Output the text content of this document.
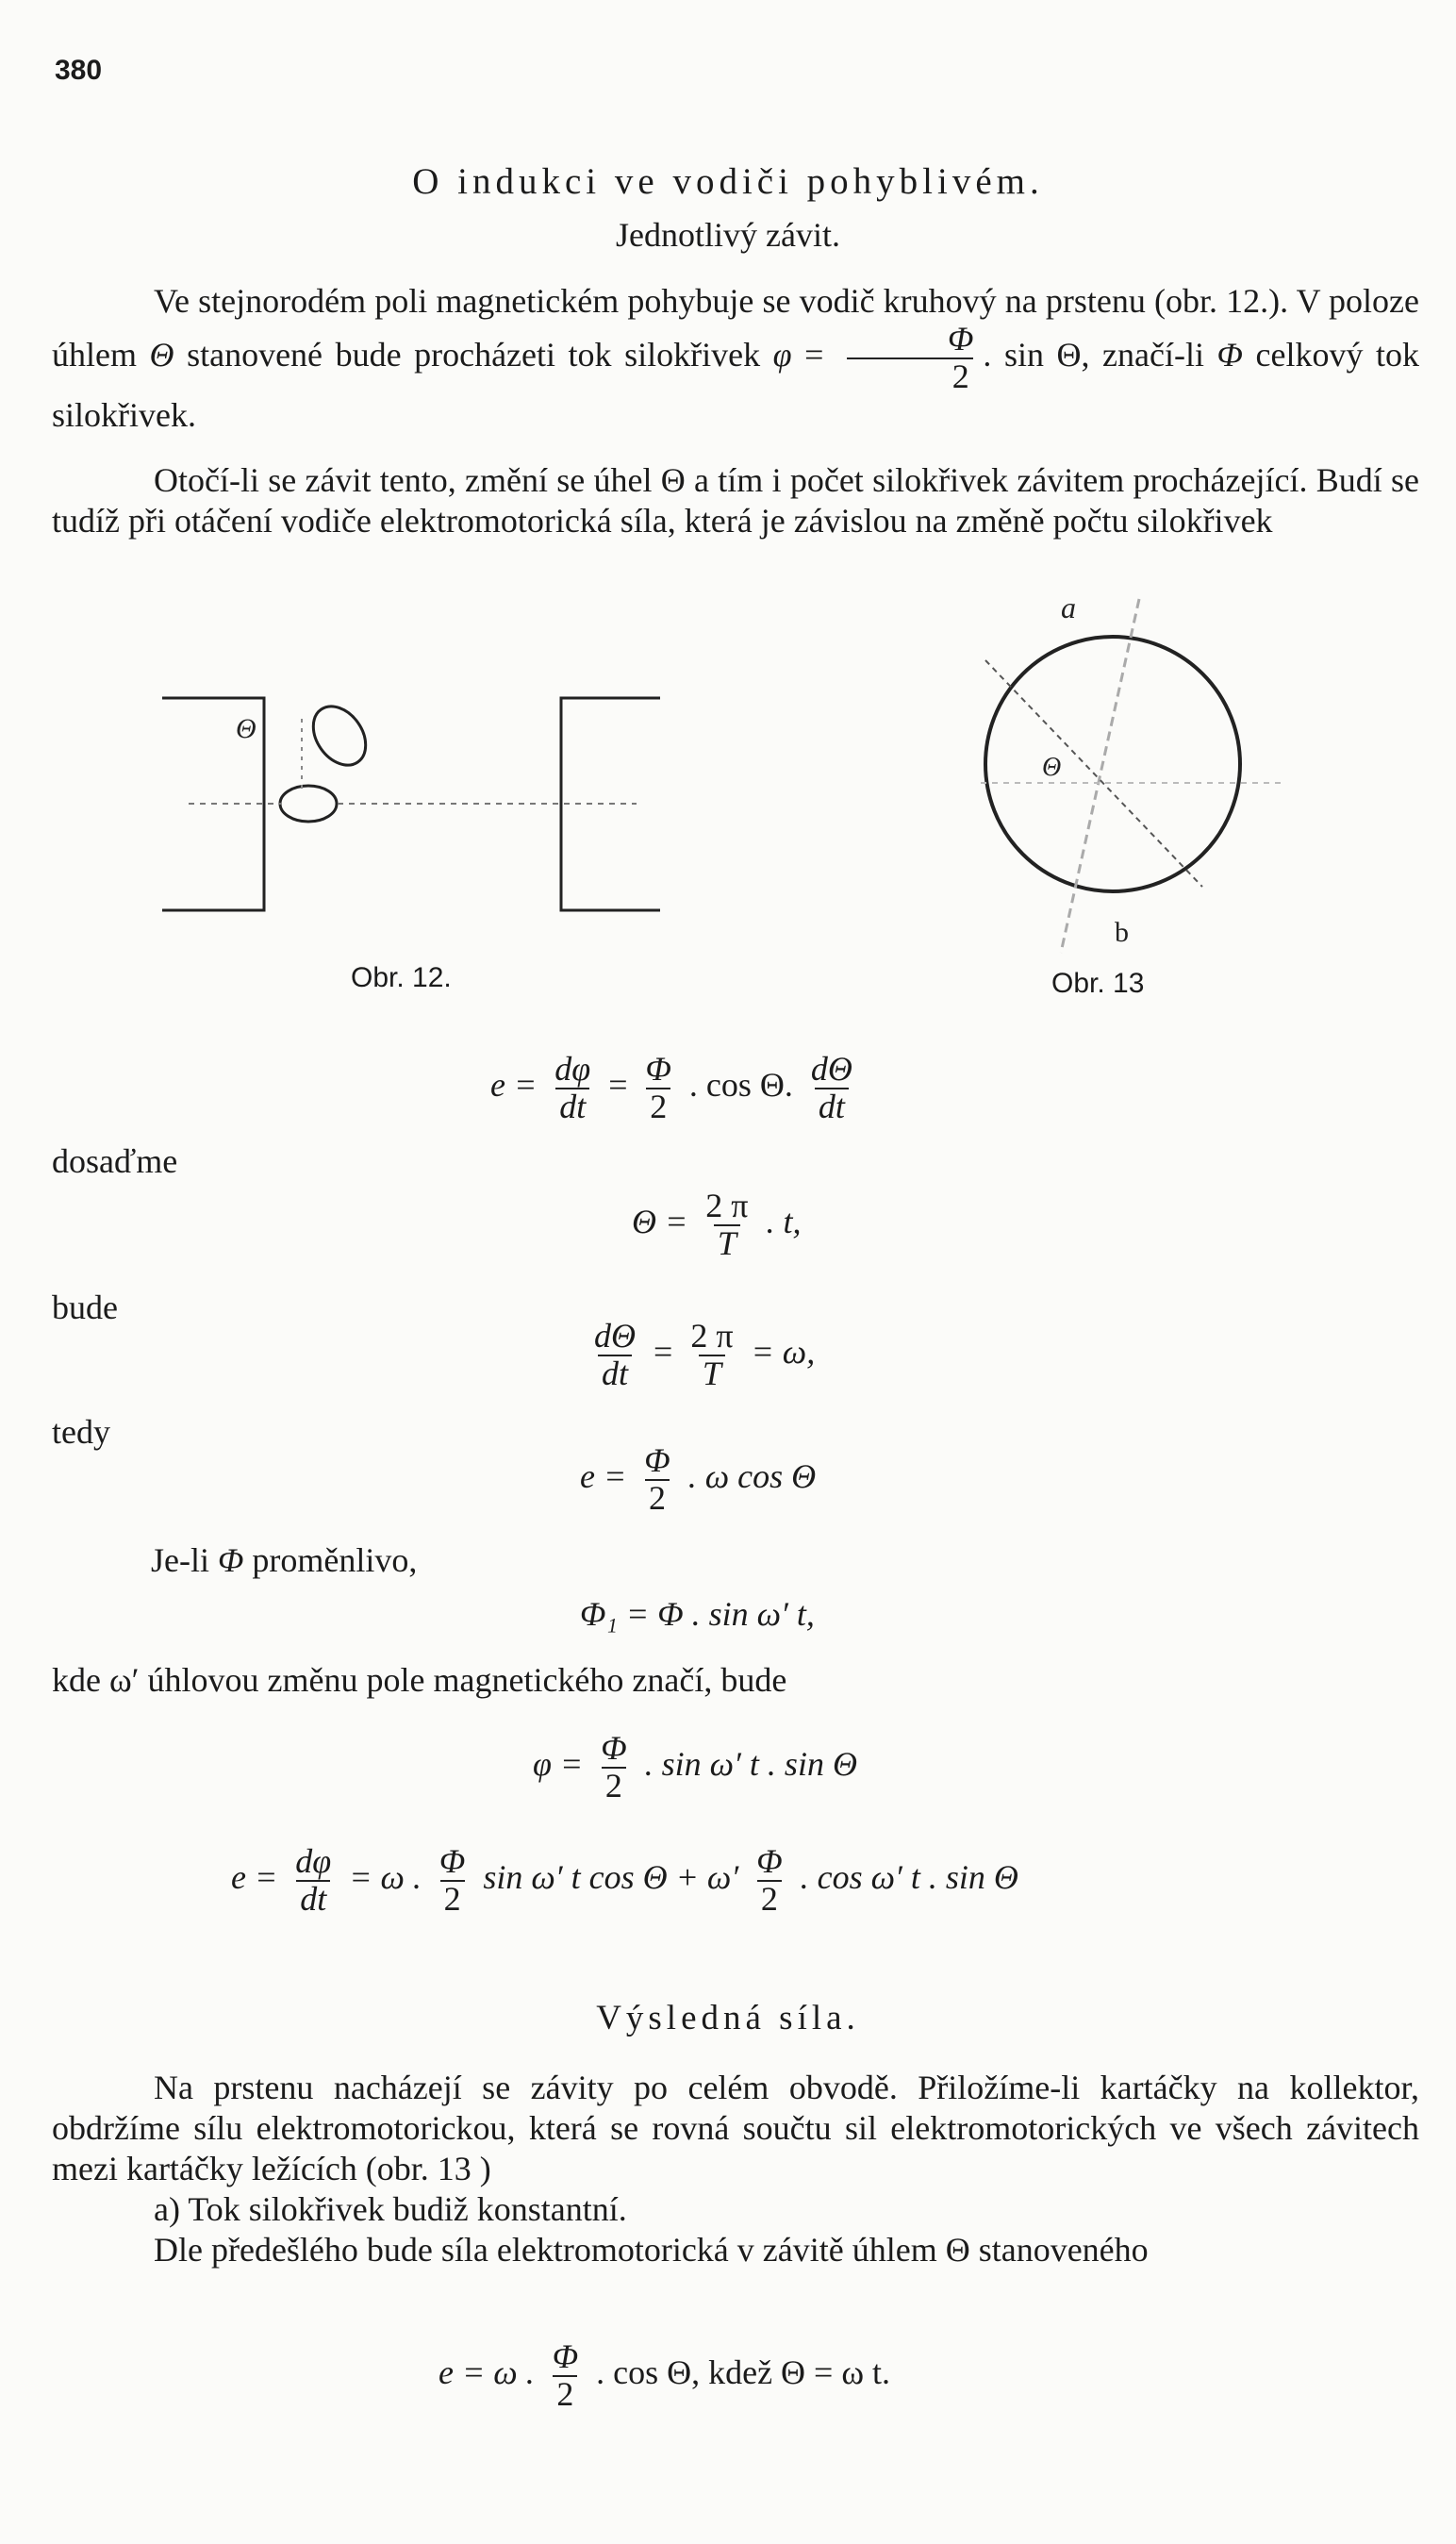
380
O indukci ve vodiči pohyblivém.
Jednotlivý závit.

Ve stejnorodém poli magnetickém pohybuje se vodič kruhový na prstenu (obr. 12.). V poloze úhlem Θ stanovené bude procházeti tok silokřivek $\varphi = \frac{\Phi}{2}$ . sin Θ, značí-li Φ celkový tok silokřivek.

Otočí-li se závit tento, změní se úhel Θ a tím i počet silokřivek závitem procházející. Budí se tudíž při otáčení vodiče elektromotorická síla, která je závislou na změně počtu silokřivek

Θ
Obr. 12.
a
b
Θ
Obr. 13
$e = \frac{d\varphi}{dt} = \frac{\Phi}{2}$ . cos Θ. $\frac{d\Theta}{dt}$
dosaďme
$\Theta = \frac{2 \pi}{T}$ . t,
bude
$\frac{d\Theta}{dt} = \frac{2 \pi}{T} = \omega$,
tedy
$e = \frac{\Phi}{2}$ . ω cos Θ
Je-li Φ proměnlivo,
Φ₁ = Φ . sin ω′ t,
kde ω′ úhlovou změnu pole magnetického značí, bude
$\varphi = \frac{\Phi}{2}$ . sin ω′ t . sin Θ
$e = \frac{d\varphi}{dt} = \omega$ . $\frac{\Phi}{2}$ sin ω′ t $\cos \Theta + \omega' \frac{\Phi}{2}$ . cos ω′ t . sin Θ
Výsledná síla.

Na prstenu nacházejí se závity po celém obvodě. Přiložíme-li kartáčky na kollektor, obdržíme sílu elektromotorickou, která se rovná součtu sil elektromotorických ve všech závitech mezi kartáčky ležících (obr. 13 )

a) Tok silokřivek budiž konstantní.

Dle předešlého bude síla elektromotorická v závitě úhlem Θ stanoveného

e = ω . $\frac{\Phi}{2}$ . cos Θ, kdež Θ = ω t.
